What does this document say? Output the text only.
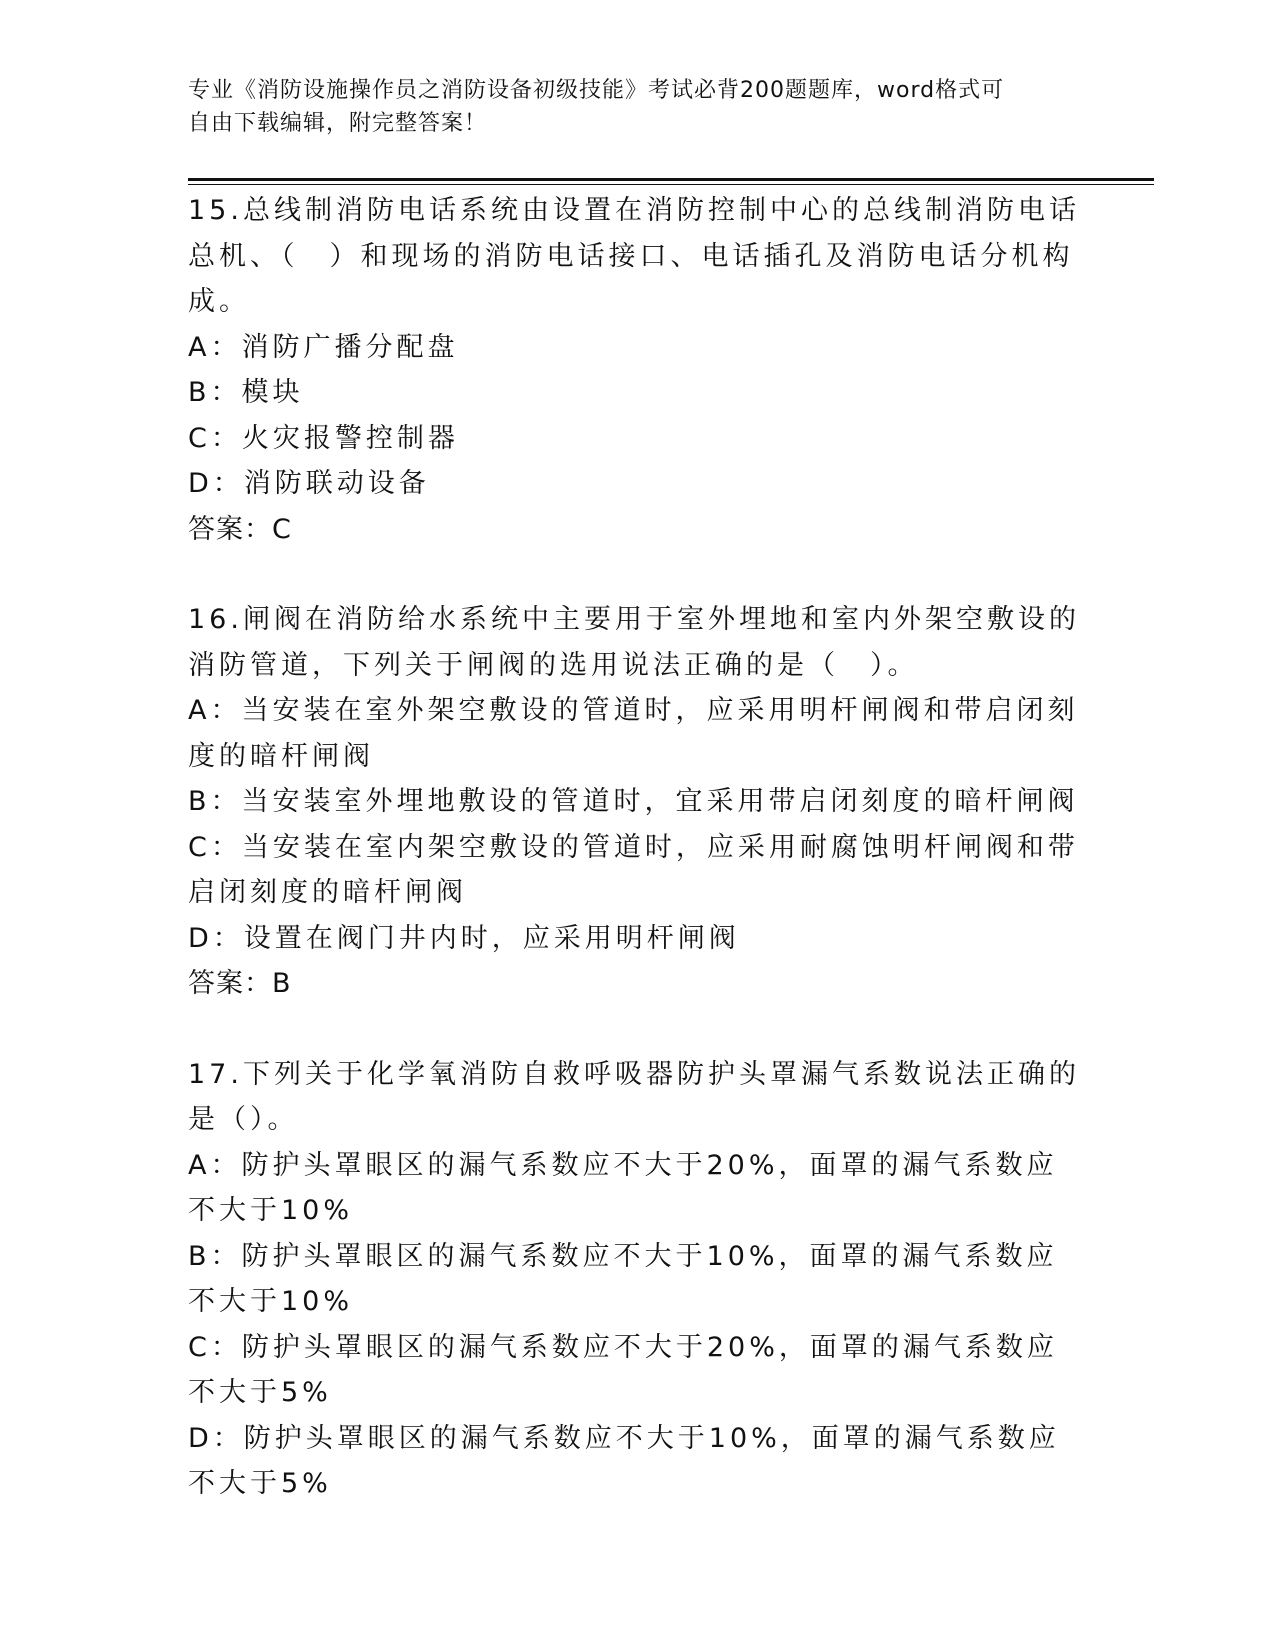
专业《消防设施操作员之消防设备初级技能》考试必背200题题库，word格式可
自由下载编辑，附完整答案！
15.总线制消防电话系统由设置在消防控制中心的总线制消防电话总机、（　）和现场的消防电话接口、电话插孔及消防电话分机构成。
A：消防广播分配盘
B：模块
C：火灾报警控制器
D：消防联动设备
答案：C
16.闸阀在消防给水系统中主要用于室外埋地和室内外架空敷设的消防管道，下列关于闸阀的选用说法正确的是（　）。
A：当安装在室外架空敷设的管道时，应采用明杆闸阀和带启闭刻度的暗杆闸阀
B：当安装室外埋地敷设的管道时，宜采用带启闭刻度的暗杆闸阀
C：当安装在室内架空敷设的管道时，应采用耐腐蚀明杆闸阀和带启闭刻度的暗杆闸阀
D：设置在阀门井内时，应采用明杆闸阀
答案：B
17.下列关于化学氧消防自救呼吸器防护头罩漏气系数说法正确的是（）。
A：防护头罩眼区的漏气系数应不大于20%，面罩的漏气系数应不大于10%
B：防护头罩眼区的漏气系数应不大于10%，面罩的漏气系数应不大于10%
C：防护头罩眼区的漏气系数应不大于20%，面罩的漏气系数应不大于5%
D：防护头罩眼区的漏气系数应不大于10%，面罩的漏气系数应不大于5%
